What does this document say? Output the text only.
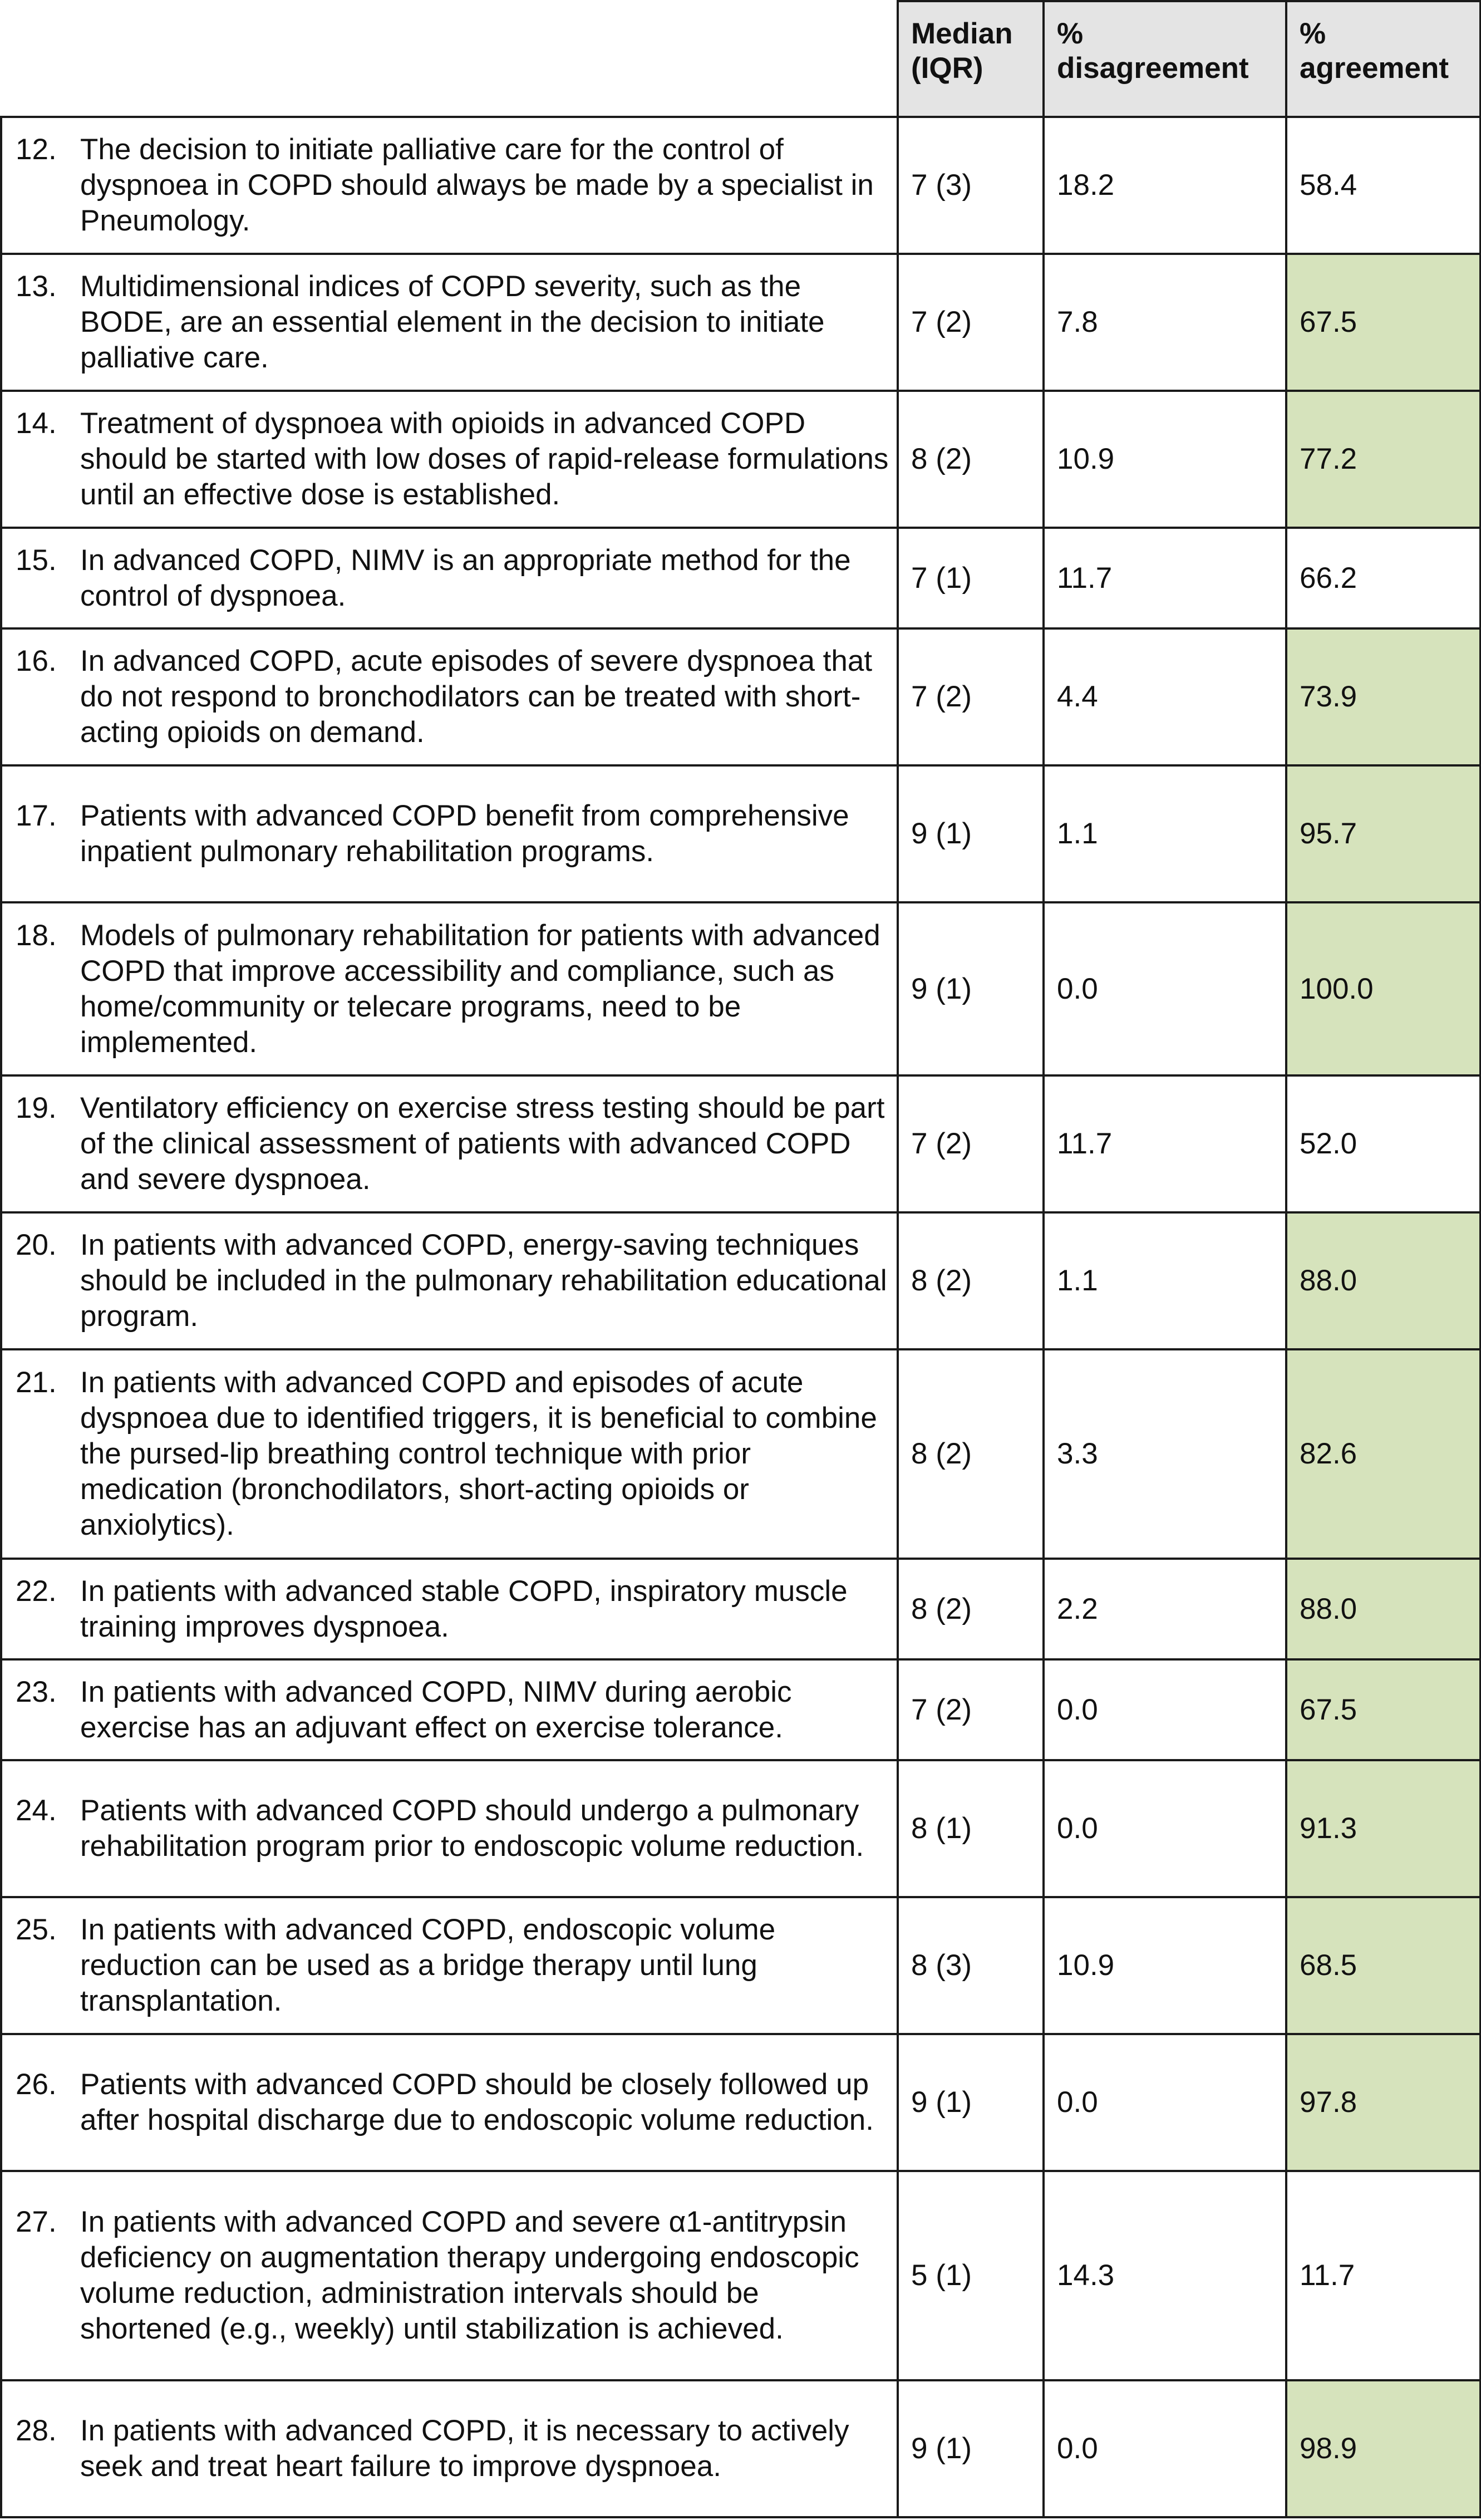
	Median (IQR)	% disagreement	% agreement

12. The decision to initiate palliative care for the control of dyspnoea in COPD should always be made by a specialist in Pneumology.	7 (3)	18.2	58.4

13. Multidimensional indices of COPD severity, such as the BODE, are an essential element in the decision to initiate palliative care.	7 (2)	7.8	67.5

14. Treatment of dyspnoea with opioids in advanced COPD should be started with low doses of rapid-release formulations until an effective dose is established.	8 (2)	10.9	77.2

15. In advanced COPD, NIMV is an appropriate method for the control of dyspnoea.	7 (1)	11.7	66.2

16. In advanced COPD, acute episodes of severe dyspnoea that do not respond to bronchodilators can be treated with short-acting opioids on demand.	7 (2)	4.4	73.9

17. Patients with advanced COPD benefit from comprehensive inpatient pulmonary rehabilitation programs.	9 (1)	1.1	95.7

18. Models of pulmonary rehabilitation for patients with advanced COPD that improve accessibility and compliance, such as home/community or telecare programs, need to be implemented.	9 (1)	0.0	100.0

19. Ventilatory efficiency on exercise stress testing should be part of the clinical assessment of patients with advanced COPD and severe dyspnoea.	7 (2)	11.7	52.0

20. In patients with advanced COPD, energy-saving techniques should be included in the pulmonary rehabilitation educational program.	8 (2)	1.1	88.0

21. In patients with advanced COPD and episodes of acute dyspnoea due to identified triggers, it is beneficial to combine the pursed-lip breathing control technique with prior medication (bronchodilators, short-acting opioids or anxiolytics).	8 (2)	3.3	82.6

22. In patients with advanced stable COPD, inspiratory muscle training improves dyspnoea.	8 (2)	2.2	88.0

23. In patients with advanced COPD, NIMV during aerobic exercise has an adjuvant effect on exercise tolerance.	7 (2)	0.0	67.5

24. Patients with advanced COPD should undergo a pulmonary rehabilitation program prior to endoscopic volume reduction.	8 (1)	0.0	91.3

25. In patients with advanced COPD, endoscopic volume reduction can be used as a bridge therapy until lung transplantation.	8 (3)	10.9	68.5

26. Patients with advanced COPD should be closely followed up after hospital discharge due to endoscopic volume reduction.	9 (1)	0.0	97.8

27. In patients with advanced COPD and severe α1-antitrypsin deficiency on augmentation therapy undergoing endoscopic volume reduction, administration intervals should be shortened (e.g., weekly) until stabilization is achieved.	5 (1)	14.3	11.7

28. In patients with advanced COPD, it is necessary to actively seek and treat heart failure to improve dyspnoea.	9 (1)	0.0	98.9
